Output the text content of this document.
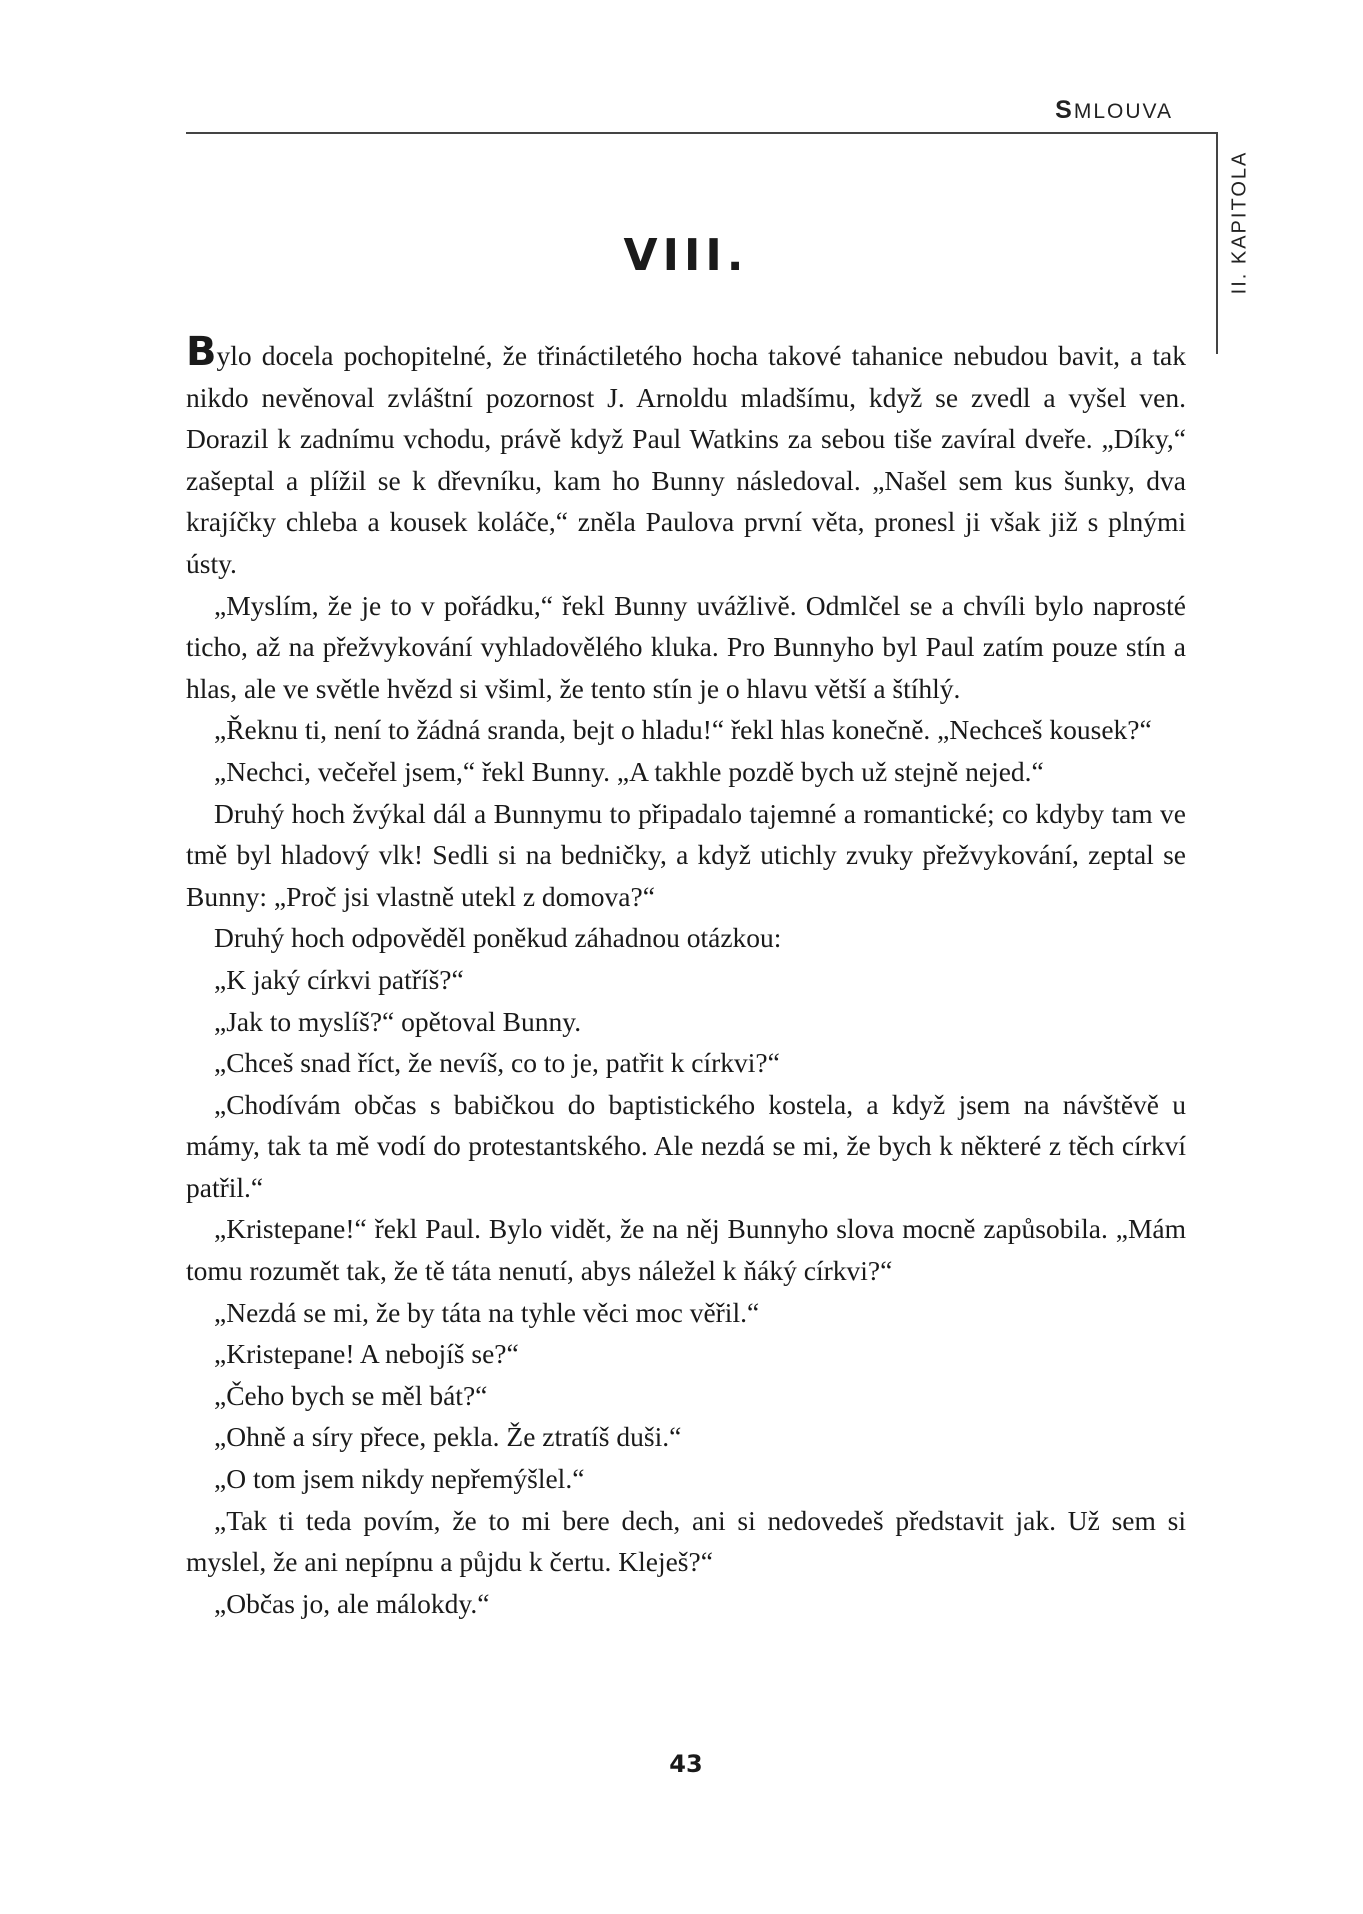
SMLOUVA
II. KAPITOLA
VIII.

Bylo docela pochopitelné, že třináctiletého hocha takové tahanice nebudou bavit, a tak nikdo nevěnoval zvláštní pozornost J. Arnoldu mladšímu, když se zvedl a vyšel ven. Dorazil k zadnímu vchodu, právě když Paul Watkins za sebou tiše zavíral dveře. „Díky,“ zašeptal a plížil se k dřevníku, kam ho Bunny následoval. „Našel sem kus šunky, dva krajíčky chleba a kousek koláče,“ zněla Paulova první věta, pronesl ji však již s plnými ústy.

„Myslím, že je to v pořádku,“ řekl Bunny uvážlivě. Odmlčel se a chvíli bylo naprosté ticho, až na přežvykování vyhladovělého kluka. Pro Bunnyho byl Paul zatím pouze stín a hlas, ale ve světle hvězd si všiml, že tento stín je o hlavu větší a štíhlý.

„Řeknu ti, není to žádná sranda, bejt o hladu!“ řekl hlas konečně. „Nechceš kousek?“

„Nechci, večeřel jsem,“ řekl Bunny. „A takhle pozdě bych už stejně nejed.“

Druhý hoch žvýkal dál a Bunnymu to připadalo tajemné a romantické; co kdyby tam ve tmě byl hladový vlk! Sedli si na bedničky, a když utichly zvuky přežvykování, zeptal se Bunny: „Proč jsi vlastně utekl z domova?“

Druhý hoch odpověděl poněkud záhadnou otázkou:

„K jaký církvi patříš?“

„Jak to myslíš?“ opětoval Bunny.

„Chceš snad říct, že nevíš, co to je, patřit k církvi?“

„Chodívám občas s babičkou do baptistického kostela, a když jsem na návštěvě u mámy, tak ta mě vodí do protestantského. Ale nezdá se mi, že bych k některé z těch církví patřil.“

„Kristepane!“ řekl Paul. Bylo vidět, že na něj Bunnyho slova mocně zapůsobila. „Mám tomu rozumět tak, že tě táta nenutí, abys náležel k ňáký církvi?“

„Nezdá se mi, že by táta na tyhle věci moc věřil.“

„Kristepane! A nebojíš se?“

„Čeho bych se měl bát?“

„Ohně a síry přece, pekla. Že ztratíš duši.“

„O tom jsem nikdy nepřemýšlel.“

„Tak ti teda povím, že to mi bere dech, ani si nedovedeš představit jak. Už sem si myslel, že ani nepípnu a půjdu k čertu. Kleješ?“

„Občas jo, ale málokdy.“

43
